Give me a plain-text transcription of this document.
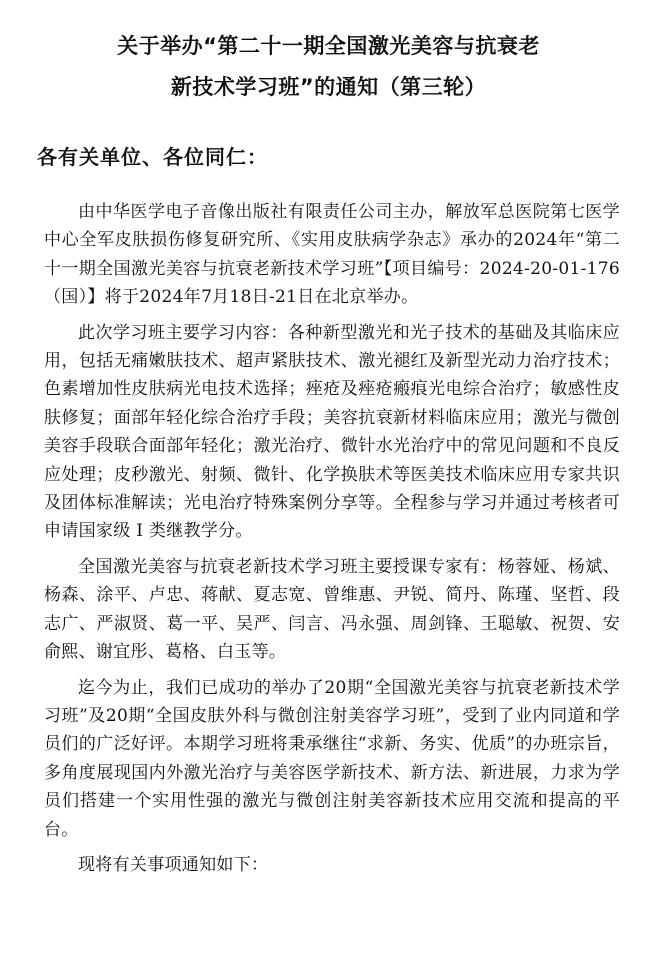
关于举办“第二十一期全国激光美容与抗衰老
新技术学习班”的通知（第三轮）
各有关单位、各位同仁：

由中华医学电子音像出版社有限责任公司主办，解放军总医院第七医学中心全军皮肤损伤修复研究所、《实用皮肤病学杂志》承办的2024年“第二十一期全国激光美容与抗衰老新技术学习班”【项目编号：2024-20-01-176（国）】将于2024年7月18日-21日在北京举办。

此次学习班主要学习内容：各种新型激光和光子技术的基础及其临床应用，包括无痛嫩肤技术、超声紧肤技术、激光褪红及新型光动力治疗技术；色素增加性皮肤病光电技术选择；痤疮及痤疮瘢痕光电综合治疗；敏感性皮肤修复；面部年轻化综合治疗手段；美容抗衰新材料临床应用；激光与微创美容手段联合面部年轻化；激光治疗、微针水光治疗中的常见问题和不良反应处理；皮秒激光、射频、微针、化学换肤术等医美技术临床应用专家共识及团体标准解读；光电治疗特殊案例分享等。全程参与学习并通过考核者可申请国家级 I 类继教学分。

全国激光美容与抗衰老新技术学习班主要授课专家有：杨蓉娅、杨斌、杨森、涂平、卢忠、蒋献、夏志宽、曾维惠、尹锐、简丹、陈瑾、坚哲、段志广、严淑贤、葛一平、吴严、闫言、冯永强、周剑锋、王聪敏、祝贺、安俞熙、谢宜彤、葛格、白玉等。

迄今为止，我们已成功的举办了20期“全国激光美容与抗衰老新技术学习班”及20期“全国皮肤外科与微创注射美容学习班”，受到了业内同道和学员们的广泛好评。本期学习班将秉承继往“求新、务实、优质”的办班宗旨，多角度展现国内外激光治疗与美容医学新技术、新方法、新进展，力求为学员们搭建一个实用性强的激光与微创注射美容新技术应用交流和提高的平台。

现将有关事项通知如下：
